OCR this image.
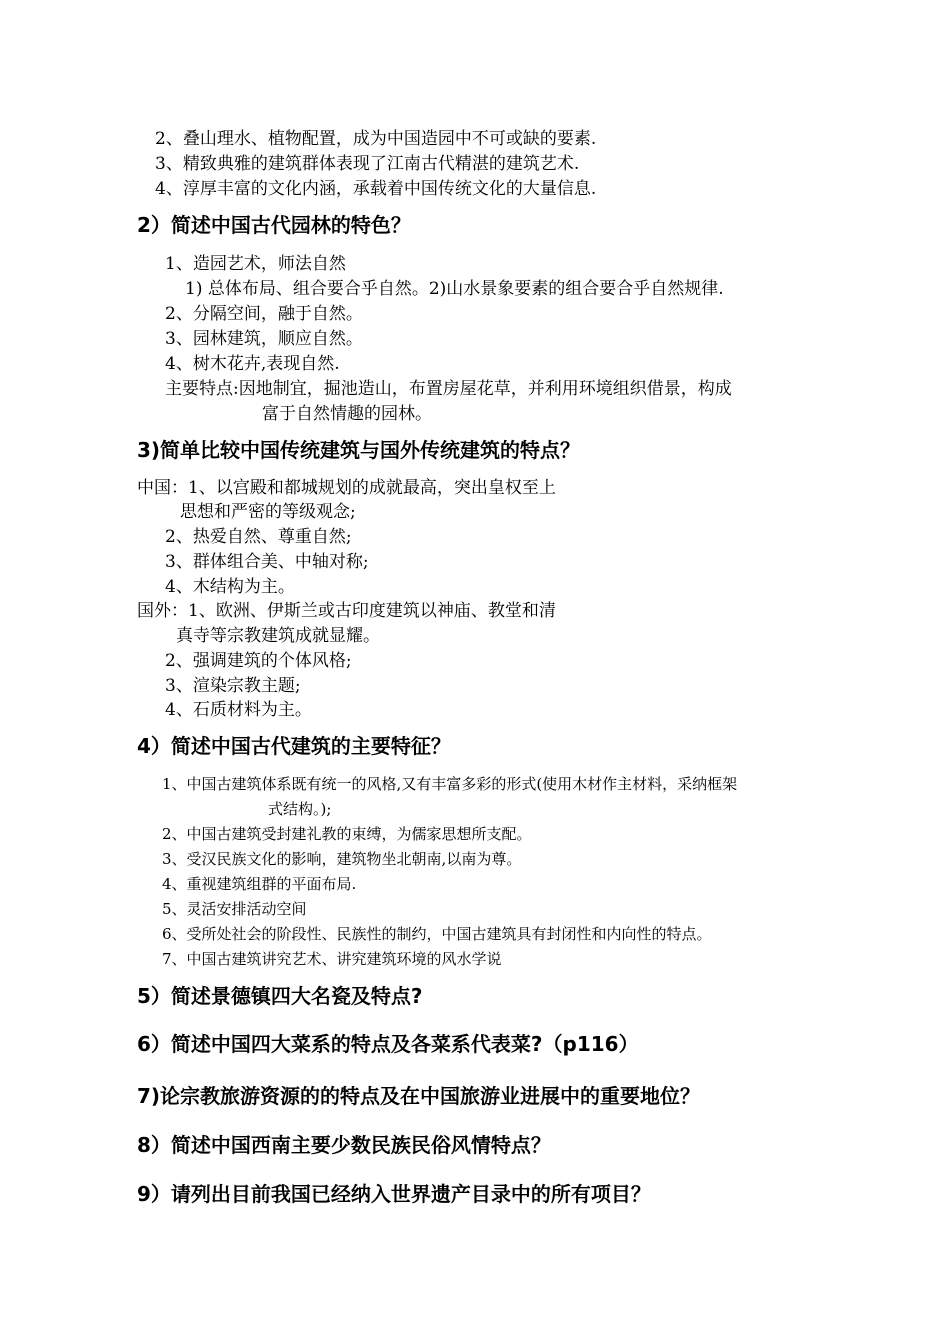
2、叠山理水、植物配置，成为中国造园中不可或缺的要素.
3、精致典雅的建筑群体表现了江南古代精湛的建筑艺术.
4、淳厚丰富的文化内涵，承载着中国传统文化的大量信息.
2）简述中国古代园林的特色？
1、造园艺术，师法自然
1) 总体布局、组合要合乎自然。2)山水景象要素的组合要合乎自然规律.
2、分隔空间，融于自然。
3、园林建筑，顺应自然。
4、树木花卉,表现自然.
主要特点:因地制宜，掘池造山，布置房屋花草，并利用环境组织借景，构成
富于自然情趣的园林。
3)简单比较中国传统建筑与国外传统建筑的特点？
中国：1、以宫殿和都城规划的成就最高，突出皇权至上
思想和严密的等级观念;
2、热爱自然、尊重自然;
3、群体组合美、中轴对称;
4、木结构为主。
国外：1、欧洲、伊斯兰或古印度建筑以神庙、教堂和清
真寺等宗教建筑成就显耀。
2、强调建筑的个体风格;
3、渲染宗教主题;
4、石质材料为主。
4）简述中国古代建筑的主要特征？
1、中国古建筑体系既有统一的风格,又有丰富多彩的形式(使用木材作主材料，采纳框架
式结构。);
2、中国古建筑受封建礼教的束缚，为儒家思想所支配。
3、受汉民族文化的影响，建筑物坐北朝南,以南为尊。
4、重视建筑组群的平面布局.
5、灵活安排活动空间
6、受所处社会的阶段性、民族性的制约，中国古建筑具有封闭性和内向性的特点。
7、中国古建筑讲究艺术、讲究建筑环境的风水学说
5）简述景德镇四大名瓷及特点?
6）简述中国四大菜系的特点及各菜系代表菜?（p116）
7)论宗教旅游资源的的特点及在中国旅游业进展中的重要地位？
8）简述中国西南主要少数民族民俗风情特点？
9）请列出目前我国已经纳入世界遗产目录中的所有项目？
